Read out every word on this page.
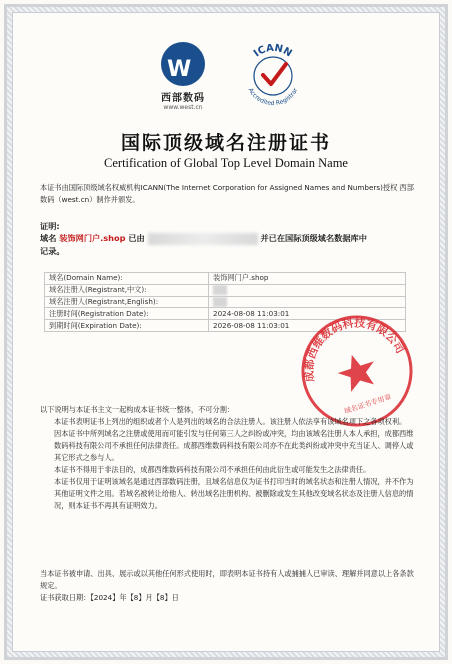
W
西部数码
www.west.cn
ICANN
Accredited Registrar
国际顶级域名注册证书
Certification of Global Top Level Domain Name
本证书由国际顶级域名权威机构ICANN(The Internet Corporation for Assigned Names and Numbers)授权 西部数码（west.cn）制作并颁发。
证明:
域名 装饰网门户.shop 已由	并已在国际顶级域名数据库中
记录。
域名(Domain Name):	装饰网门户.shop
域名注册人(Registrant,中文):	
域名注册人(Registrant,English):	
注册时间(Registration Date):	2024-08-08 11:03:01
到期时间(Expiration Date):	2026-08-08 11:03:01
成都西维数码科技有限公司
域名证书专用章

以下说明与本证书主文一起构成本证书统一整体，不可分割：

本证书表明证书上列出的组织或者个人是列出的域名的合法注册人。该注册人依法享有该域名项下之各项权利。

因本证书中所列域名之注册或使用而可能引发与任何第三人之纠纷或冲突，均由该域名注册人本人承担，成都西维数码科技有限公司不承担任何法律责任。成都西维数码科技有限公司亦不在此类纠纷或冲突中充当证人、调停人或其它形式之参与人。

本证书不得用于非法目的，成都西维数码科技有限公司不承担任何由此衍生或可能发生之法律责任。

本证书仅用于证明该域名是通过西部数码注册，且域名信息仅为证书打印当时的域名状态和注册人情况，并不作为其他证明文件之用。若域名被转让给他人、转出域名注册机构、被删除或发生其他改变域名状态及注册人信息的情况，则本证书不再具有证明效力。

当本证书被申请、出具、展示或以其他任何形式使用时，即表明本证书持有人或捕捕人已审读、理解并同意以上各条款规定。

证书获取日期：【2024】年【8】月【8】日
